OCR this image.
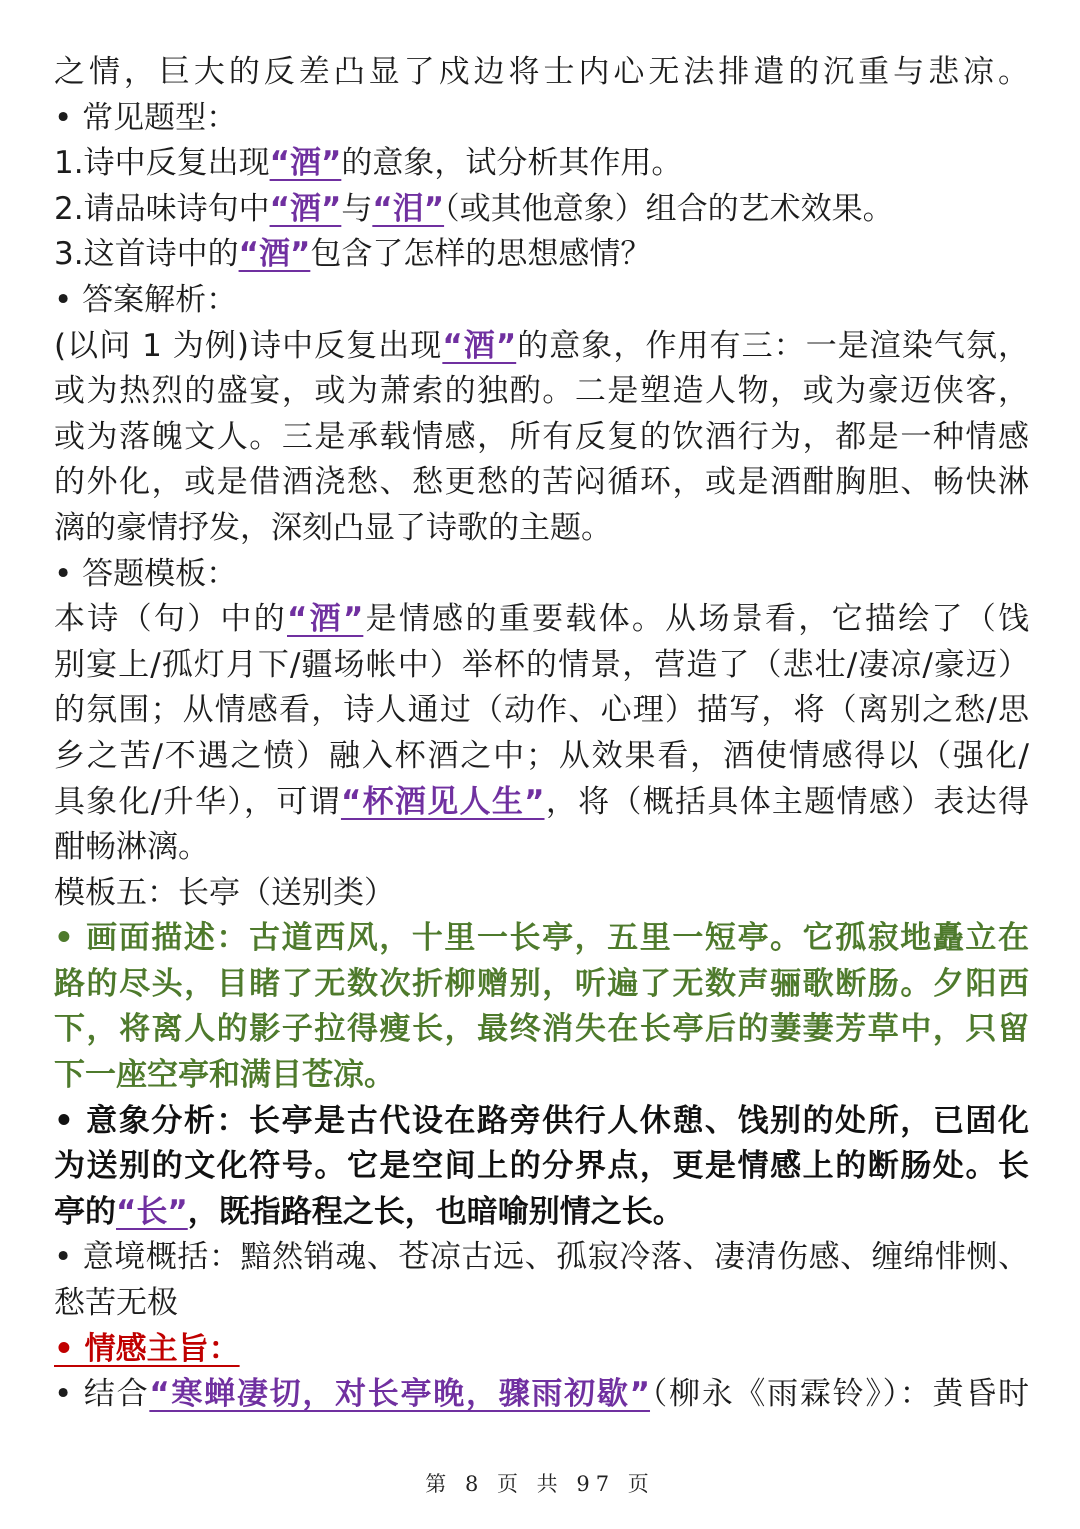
之情，巨大的反差凸显了戍边将士内心无法排遣的沉重与悲凉。
• 常见题型：
1.诗中反复出现“酒”的意象，试分析其作用。
2.请品味诗句中“酒”与“泪”（或其他意象）组合的艺术效果。
3.这首诗中的“酒”包含了怎样的思想感情？
• 答案解析：
(以问 1 为例)诗中反复出现“酒”的意象，作用有三：一是渲染气氛，
或为热烈的盛宴，或为萧索的独酌。二是塑造人物，或为豪迈侠客，
或为落魄文人。三是承载情感，所有反复的饮酒行为，都是一种情感
的外化，或是借酒浇愁、愁更愁的苦闷循环，或是酒酣胸胆、畅快淋
漓的豪情抒发，深刻凸显了诗歌的主题。
• 答题模板：
本诗（句）中的“酒”是情感的重要载体。从场景看，它描绘了（饯
别宴上/孤灯月下/疆场帐中）举杯的情景，营造了（悲壮/凄凉/豪迈）
的氛围；从情感看，诗人通过（动作、心理）描写，将（离别之愁/思
乡之苦/不遇之愤）融入杯酒之中；从效果看，酒使情感得以（强化/
具象化/升华），可谓“杯酒见人生”，将（概括具体主题情感）表达得
酣畅淋漓。
模板五：长亭（送别类）
• 画面描述：古道西风，十里一长亭，五里一短亭。它孤寂地矗立在
路的尽头，目睹了无数次折柳赠别，听遍了无数声骊歌断肠。夕阳西
下，将离人的影子拉得瘦长，最终消失在长亭后的萋萋芳草中，只留
下一座空亭和满目苍凉。
• 意象分析：长亭是古代设在路旁供行人休憩、饯别的处所，已固化
为送别的文化符号。它是空间上的分界点，更是情感上的断肠处。长
亭的“长”，既指路程之长，也暗喻别情之长。
• 意境概括：黯然销魂、苍凉古远、孤寂冷落、凄清伤感、缠绵悱恻、
愁苦无极
• 情感主旨：
• 结合“寒蝉凄切，对长亭晚，骤雨初歇”（柳永《雨霖铃》）：黄昏时
第 8 页 共 97 页
